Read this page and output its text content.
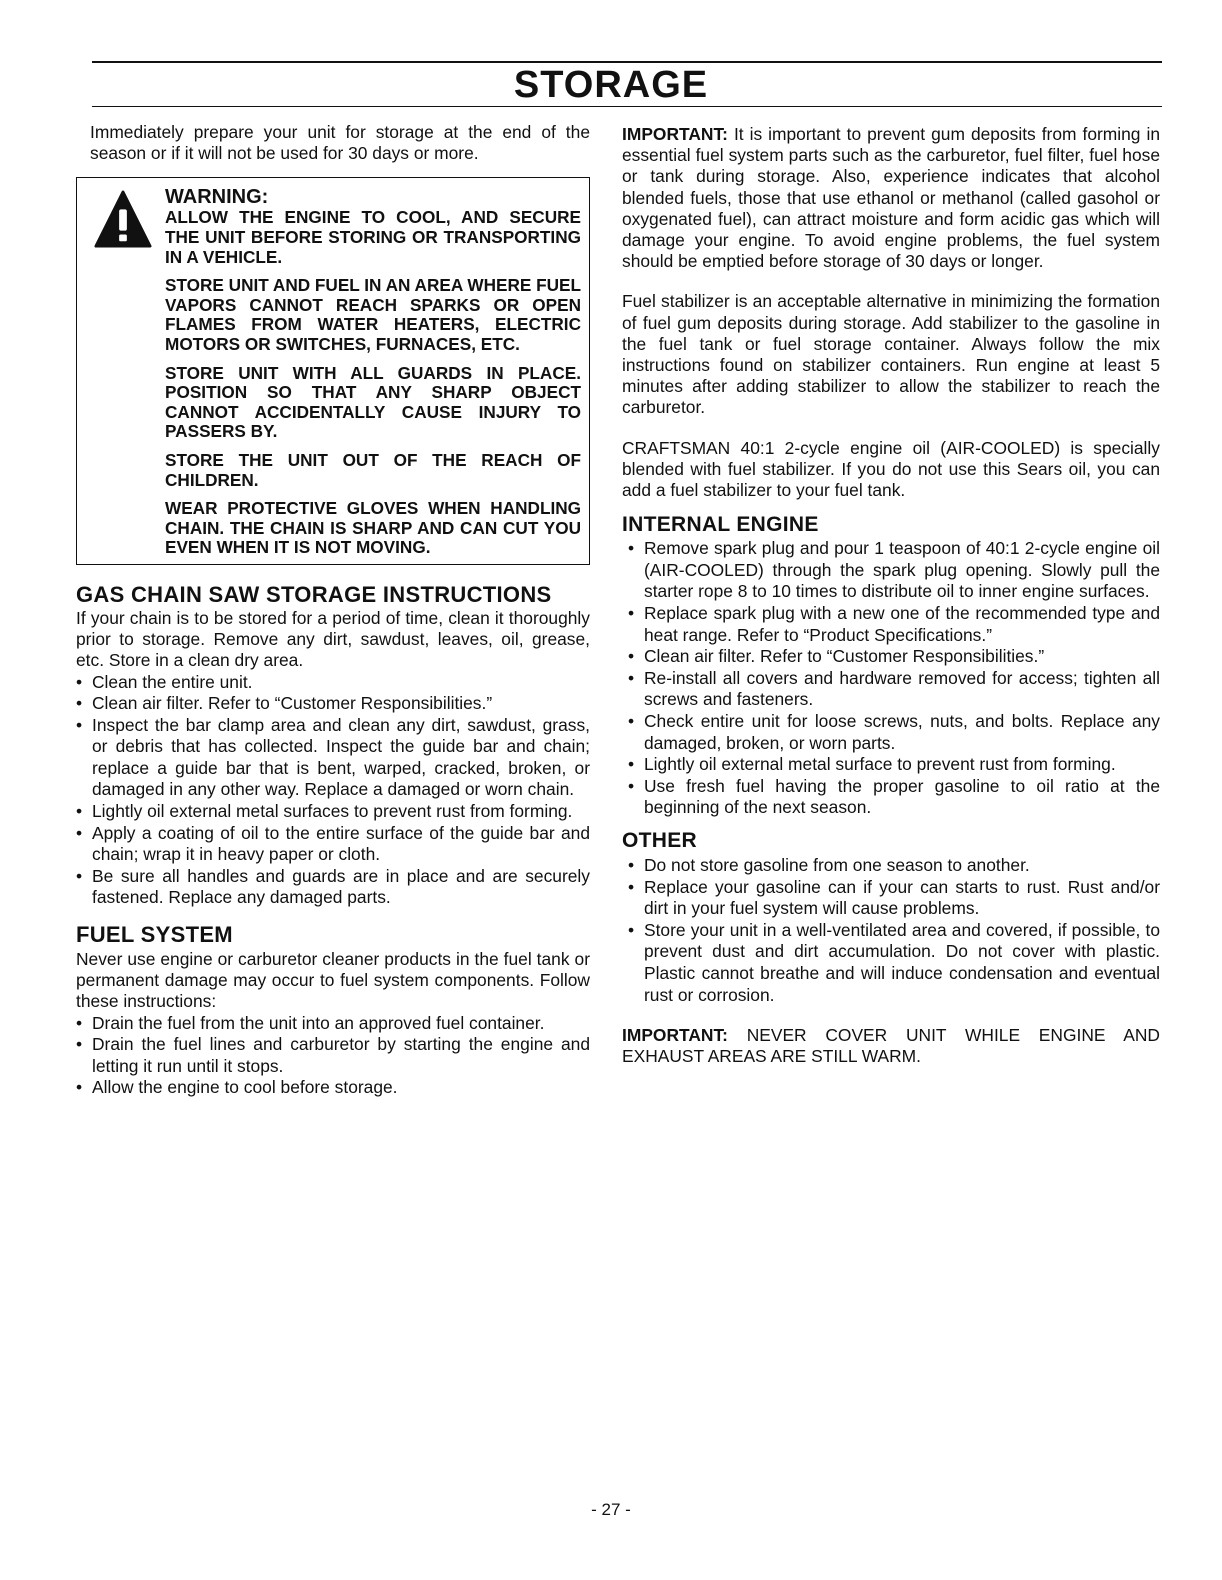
STORAGE

Immediately prepare your unit for storage at the end of the season or if it will not be used for 30 days or more.

WARNING:

ALLOW THE ENGINE TO COOL, AND SECURE THE UNIT BEFORE STORING OR TRANSPORTING IN A VEHICLE.

STORE UNIT AND FUEL IN AN AREA WHERE FUEL VAPORS CANNOT REACH SPARKS OR OPEN FLAMES FROM WATER HEATERS, ELECTRIC MOTORS OR SWITCHES, FURNACES, ETC.

STORE UNIT WITH ALL GUARDS IN PLACE. POSITION SO THAT ANY SHARP OBJECT CANNOT ACCIDENTALLY CAUSE INJURY TO PASSERS BY.

STORE THE UNIT OUT OF THE REACH OF CHILDREN.

WEAR PROTECTIVE GLOVES WHEN HANDLING CHAIN. THE CHAIN IS SHARP AND CAN CUT YOU EVEN WHEN IT IS NOT MOVING.

GAS CHAIN SAW STORAGE INSTRUCTIONS

If your chain is to be stored for a period of time, clean it thoroughly prior to storage. Remove any dirt, sawdust, leaves, oil, grease, etc. Store in a clean dry area.

• Clean the entire unit.
• Clean air filter. Refer to “Customer Responsibilities.”
• Inspect the bar clamp area and clean any dirt, sawdust, grass, or debris that has collected. Inspect the guide bar and chain; replace a guide bar that is bent, warped, cracked, broken, or damaged in any other way. Replace a damaged or worn chain.
• Lightly oil external metal surfaces to prevent rust from forming.
• Apply a coating of oil to the entire surface of the guide bar and chain; wrap it in heavy paper or cloth.
• Be sure all handles and guards are in place and are securely fastened. Replace any damaged parts.
FUEL SYSTEM

Never use engine or carburetor cleaner products in the fuel tank or permanent damage may occur to fuel system components. Follow these instructions:

• Drain the fuel from the unit into an approved fuel container.
• Drain the fuel lines and carburetor by starting the engine and letting it run until it stops.
• Allow the engine to cool before storage.

IMPORTANT: It is important to prevent gum deposits from forming in essential fuel system parts such as the carburetor, fuel filter, fuel hose or tank during storage. Also, experience indicates that alcohol blended fuels, those that use ethanol or methanol (called gasohol or oxygenated fuel), can attract moisture and form acidic gas which will damage your engine. To avoid engine problems, the fuel system should be emptied before storage of 30 days or longer.

Fuel stabilizer is an acceptable alternative in minimizing the formation of fuel gum deposits during storage. Add stabilizer to the gasoline in the fuel tank or fuel storage container. Always follow the mix instructions found on stabilizer containers. Run engine at least 5 minutes after adding stabilizer to allow the stabilizer to reach the carburetor.

CRAFTSMAN 40:1 2-cycle engine oil (AIR-COOLED) is specially blended with fuel stabilizer. If you do not use this Sears oil, you can add a fuel stabilizer to your fuel tank.

INTERNAL ENGINE
• Remove spark plug and pour 1 teaspoon of 40:1 2-cycle engine oil (AIR-COOLED) through the spark plug opening. Slowly pull the starter rope 8 to 10 times to distribute oil to inner engine surfaces.
• Replace spark plug with a new one of the recommended type and heat range. Refer to “Product Specifications.”
• Clean air filter. Refer to “Customer Responsibilities.”
• Re-install all covers and hardware removed for access; tighten all screws and fasteners.
• Check entire unit for loose screws, nuts, and bolts. Replace any damaged, broken, or worn parts.
• Lightly oil external metal surface to prevent rust from forming.
• Use fresh fuel having the proper gasoline to oil ratio at the beginning of the next season.
OTHER
• Do not store gasoline from one season to another.
• Replace your gasoline can if your can starts to rust. Rust and/or dirt in your fuel system will cause problems.
• Store your unit in a well-ventilated area and covered, if possible, to prevent dust and dirt accumulation. Do not cover with plastic. Plastic cannot breathe and will induce condensation and eventual rust or corrosion.

IMPORTANT: NEVER COVER UNIT WHILE ENGINE AND EXHAUST AREAS ARE STILL WARM.

- 27 -
